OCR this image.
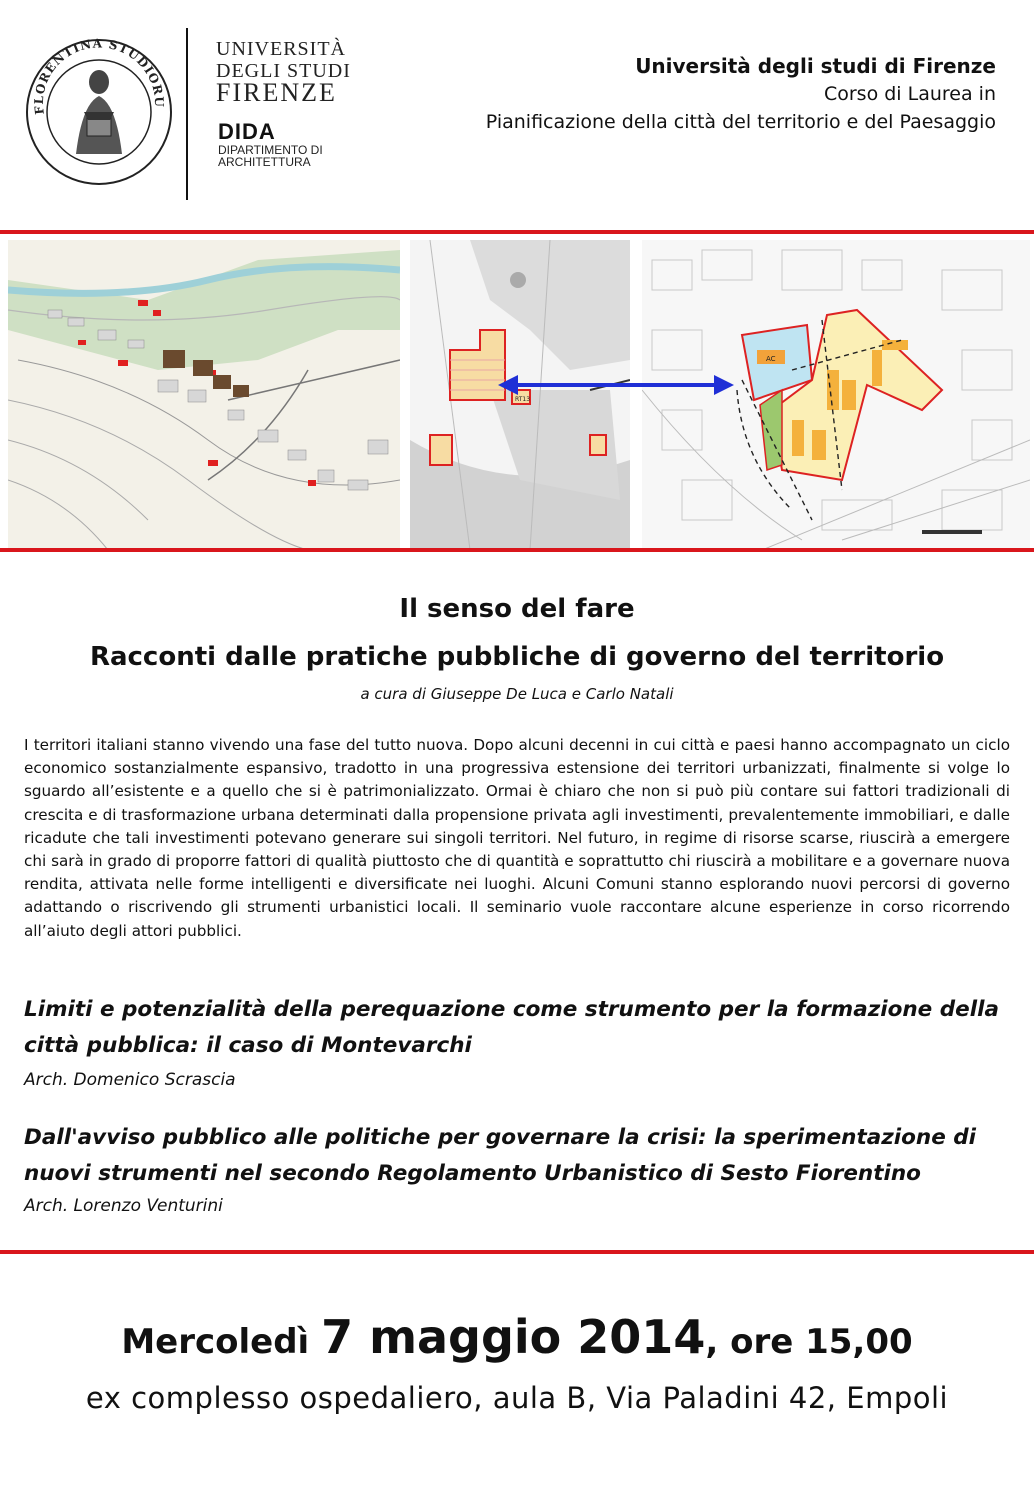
FLORENTINA STUDIORU
UNIVERSITÀ
DEGLI STUDI
FIRENZE
DIDA
DIPARTIMENTO DI
ARCHITETTURA
Università degli studi di Firenze
Corso di Laurea in
Pianificazione della città del territorio e del Paesaggio
RT13
AC
Il senso del fare
Racconti dalle pratiche pubbliche di governo del territorio
a cura di Giuseppe De Luca e Carlo Natali
I territori italiani stanno vivendo una fase del tutto nuova. Dopo alcuni decenni in cui città e paesi hanno accompagnato un ciclo economico sostanzialmente espansivo, tradotto in una progressiva estensione dei territori urbanizzati, finalmente si volge lo sguardo all’esistente e a quello che si è patrimonializzato. Ormai è chiaro che non si può più contare sui fattori tradizionali di crescita e di trasformazione urbana determinati dalla propensione privata agli investimenti, prevalentemente immobiliari, e dalle ricadute che tali investimenti potevano generare sui singoli territori. Nel futuro, in regime di risorse scarse, riuscirà a emergere chi sarà in grado di proporre fattori di qualità piuttosto che di quantità e soprattutto chi riuscirà a mobilitare e a governare nuova rendita, attivata nelle forme intelligenti e diversificate nei luoghi. Alcuni Comuni stanno esplorando nuovi percorsi di governo adattando o riscrivendo gli strumenti urbanistici locali. Il seminario vuole raccontare alcune esperienze in corso ricorrendo all’aiuto degli attori pubblici.
Limiti e potenzialità della perequazione come strumento per la formazione della
città pubblica: il caso di Montevarchi
Arch. Domenico Scrascia
Dall'avviso pubblico alle politiche per governare la crisi: la sperimentazione di
nuovi strumenti nel secondo Regolamento Urbanistico di Sesto Fiorentino
Arch. Lorenzo Venturini
Mercoledì 7 maggio 2014, ore 15,00
ex complesso ospedaliero, aula B, Via Paladini 42, Empoli
